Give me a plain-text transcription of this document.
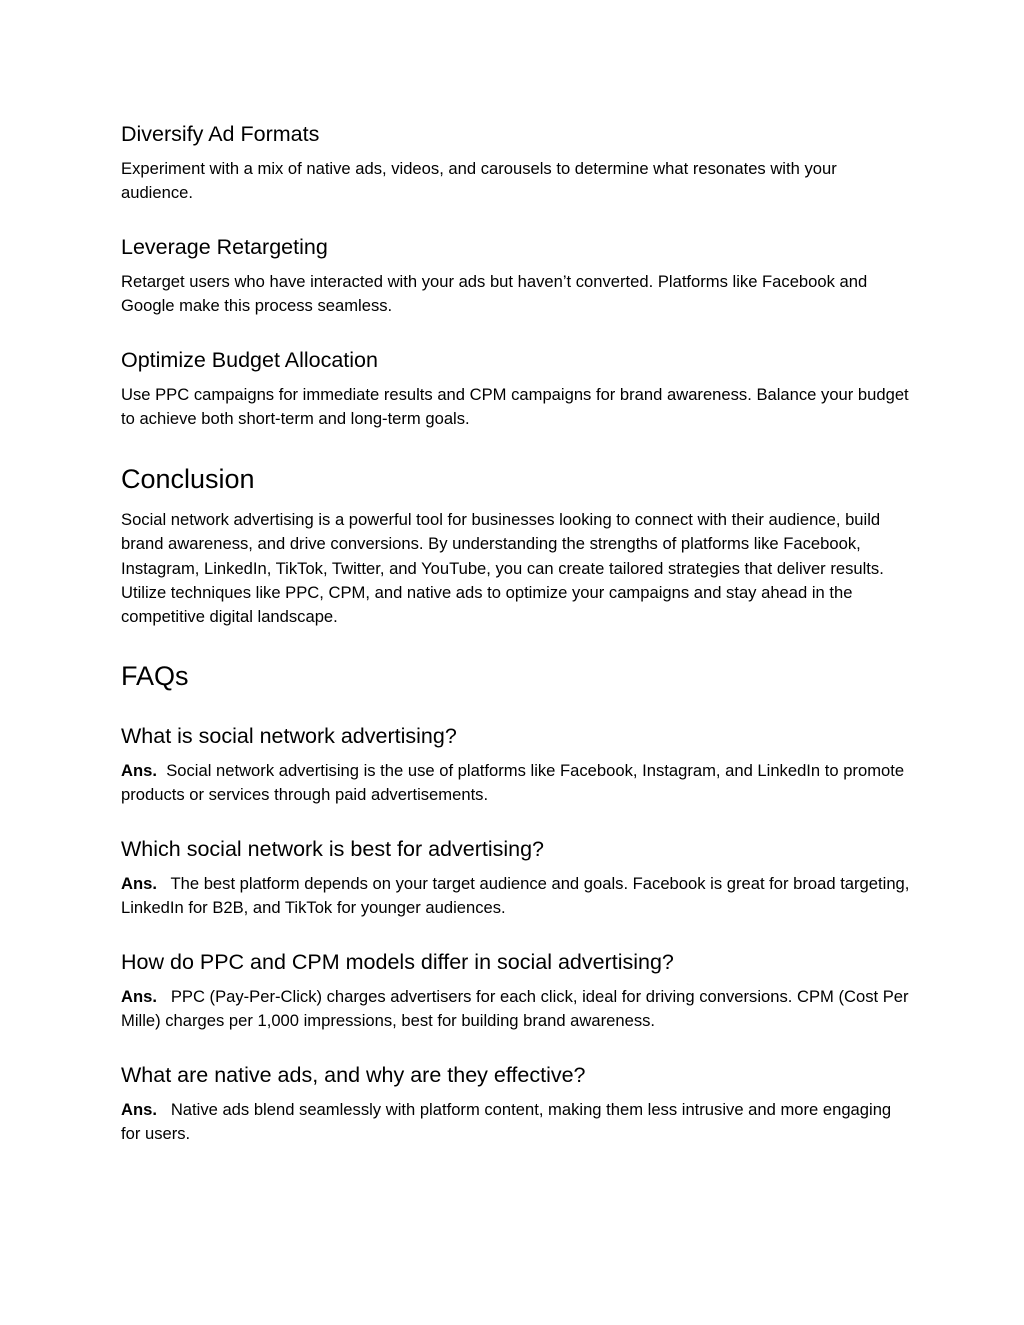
Diversify Ad Formats

Experiment with a mix of native ads, videos, and carousels to determine what resonates with your audience.

Leverage Retargeting

Retarget users who have interacted with your ads but haven’t converted. Platforms like Facebook and Google make this process seamless.

Optimize Budget Allocation

Use PPC campaigns for immediate results and CPM campaigns for brand awareness. Balance your budget to achieve both short-term and long-term goals.

Conclusion

Social network advertising is a powerful tool for businesses looking to connect with their audience, build brand awareness, and drive conversions. By understanding the strengths of platforms like Facebook, Instagram, LinkedIn, TikTok, Twitter, and YouTube, you can create tailored strategies that deliver results. Utilize techniques like PPC, CPM, and native ads to optimize your campaigns and stay ahead in the competitive digital landscape.

FAQs
What is social network advertising?

Ans. Social network advertising is the use of platforms like Facebook, Instagram, and LinkedIn to promote products or services through paid advertisements.

Which social network is best for advertising?

Ans. The best platform depends on your target audience and goals. Facebook is great for broad targeting, LinkedIn for B2B, and TikTok for younger audiences.

How do PPC and CPM models differ in social advertising?

Ans. PPC (Pay-Per-Click) charges advertisers for each click, ideal for driving conversions. CPM (Cost Per Mille) charges per 1,000 impressions, best for building brand awareness.

What are native ads, and why are they effective?

Ans. Native ads blend seamlessly with platform content, making them less intrusive and more engaging for users.
